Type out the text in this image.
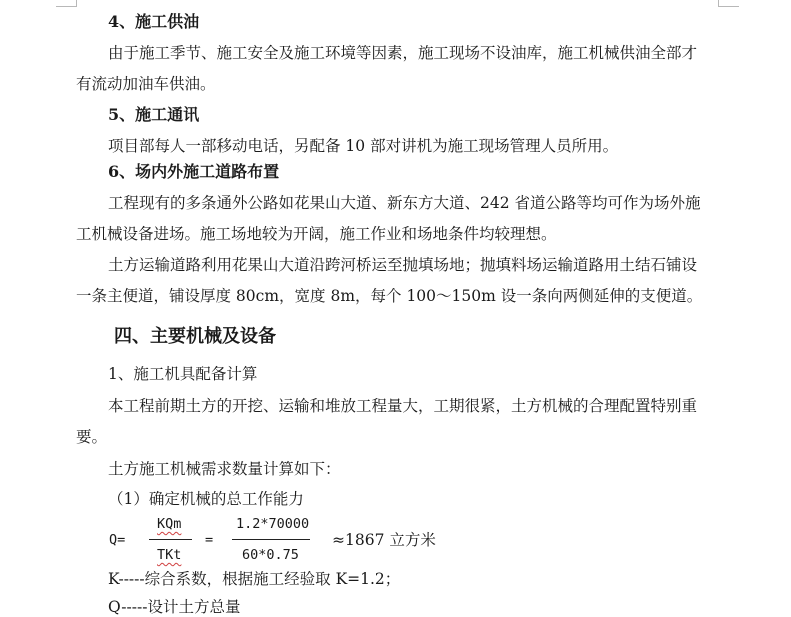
4、施工供油
由于施工季节、施工安全及施工环境等因素，施工现场不设油库，施工机械供油全部才
有流动加油车供油。
5、施工通讯
项目部每人一部移动电话，另配备 10 部对讲机为施工现场管理人员所用。
6、场内外施工道路布置
工程现有的多条通外公路如花果山大道、新东方大道、242 省道公路等均可作为场外施
工机械设备进场。施工场地较为开阔，施工作业和场地条件均较理想。
土方运输道路利用花果山大道沿跨河桥运至抛填场地；抛填料场运输道路用土结石铺设
一条主便道，铺设厚度 80cm，宽度 8m，每个 100～150m 设一条向两侧延伸的支便道。
四、主要机械及设备
1、施工机具配备计算
本工程前期土方的开挖、运输和堆放工程量大，工期很紧，土方机械的合理配置特别重
要。
土方施工机械需求数量计算如下：
（1）确定机械的总工作能力
Q=
KQm
TKt
=
1.2*70000
60*0.75
≈1867 立方米
K-----综合系数，根据施工经验取 K=1.2；
Q-----设计土方总量
